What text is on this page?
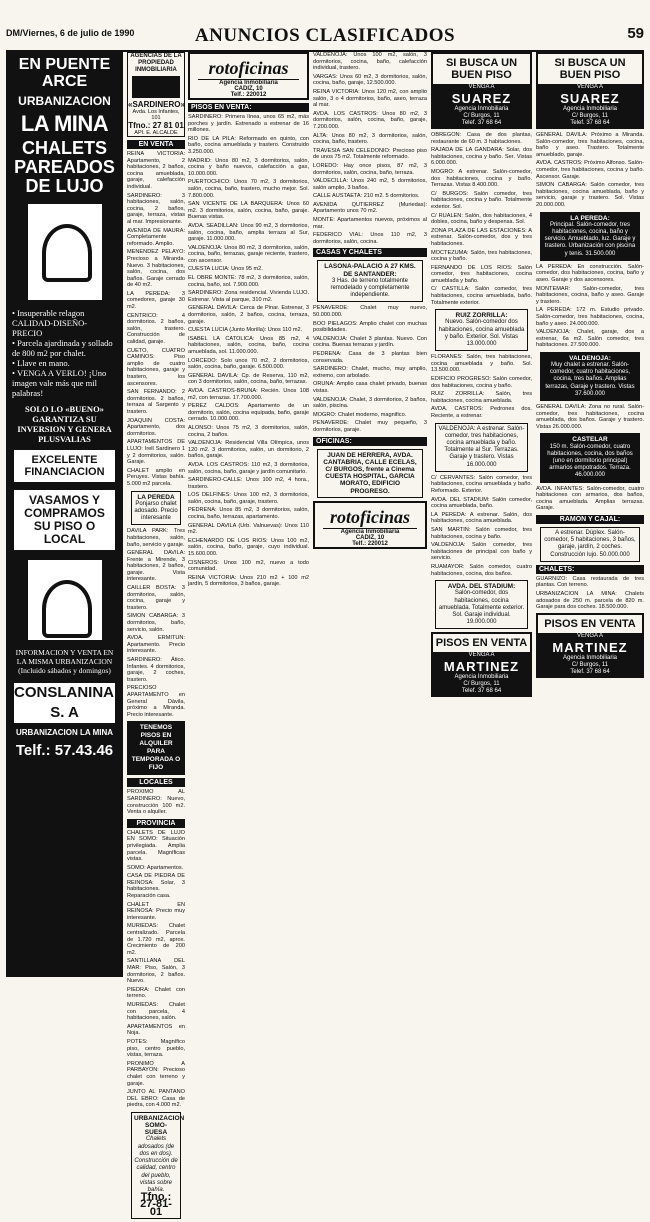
DM/Viernes, 6 de julio de 1990	ANUNCIOS CLASIFICADOS	59
EN PUENTE ARCE
URBANIZACION
LA MINA
CHALETS PAREADOS DE LUJO
• Insuperable relagon CALIDAD-DISEÑO-PRECIO
• Parcela ajardinada y sollado de 800 m2 por chalet.
• Llave en mano.
• VENGA A VERLO! ¡Uno imagen vale más que mil palabras!
SOLO LO «BUENO» GARANTIZA SU INVERSION Y GENERA PLUSVALIAS
EXCELENTE FINANCIACION
VASAMOS Y COMPRAMOS SU PISO O LOCAL
INFORMACION Y VENTA EN LA MISMA URBANIZACION (Incluido sábados y domingos)
CONSLANINA, S. A
URBANIZACION LA MINA
Telf.: 57.43.46
AGENCIAS DE LA PROPIEDAD INMOBILIARIA
«SARDINERO»
Avda. Los Infantes, 101
Tfno.: 27 81 01
API. E. ALCALDE
EN VENTA

REINA VICTORIA: Apartamento, 2 habitaciones, 2 baños, cocina amueblada, garaje, calefacción individual.

SARDINERO: 3 habitaciones, salón, cocina, 2 baños, garaje, terraza, vistas al mar. Impresionante.

AVENIDA DE MAURA: Completamente reformado. Amplio.

MENENDEZ PELAYO: Precioso a Miranda. Nuevo. 3 habitaciones, salón, cocina, dos baños. Garaje cerrado de 40 m2.

LA PEREDA: 3 comedores, garaje 30 m2.

CENTRICO: 4 dormitorios. 2 baños, salón, trastero. Construcción de calidad, garaje.

CUETO, CUATRO CAMINOS: Piso amplio de cuatro habitaciones, garaje y trastero, los ascensores.

SAN FERNANDO: 2 dormitorios. 2 baños, terraza al Sargento y trastero.

JOAQUIN COSTA: Apartamento, dos dormitorios.

APARTAMENTOS DE LUJO: Irell Sardinero 1 y 2 dormitorios, salón. Garaje.

CHALET amplio en Peruyes. Vistas bahía. 5.000 m2 parcela.

LA PEREDA
Ponjarso chalet adosado. Precio interesante

DAVILA PARK: Tres habitaciones, salón, baño, servicio y garaje.

GENERAL DAVILA: Frente a Mirende, 3 habitaciones, 2 baños, garaje. Vista interesante.

CAILLER BOSTA: 3 dormitorios, salón, cocina, garaje y trastero.

SIMON CABARGA: 3 dormitorios, baño, servicio, salón.

AVDA. ERMITUN: Apartamento. Precio interesante.

SARDINERO: Ático. Infantes. 4 dormitorios, garaje, 2 coches, trastero.

PRECIOSO APARTAMENTO en General Dávila, próximo a Miranda. Precio interesante.

TENEMOS PISOS EN ALQUILER PARA TEMPORADA O FIJO
LOCALES

PROXIMO AL SARDINERO: Nuevo, construcción 100 m2. Venta o alquiler.

PROVINCIA

CHALETS DE LUJO EN SOMO: Situación privilegiada. Amplia parcela. Magníficas vistas.

SOMO: Apartamentos.

CASA DE PIEDRA DE REINOSA: Solar, 3 habitaciones. Reparación casa.

CHALET EN REINOSA: Precio muy interesante.

MURIEDAS: Chalet centralizado. Parcela de 1.720 m2, aprox. Crecimiento de 200 m2.

SANTILLANA DEL MAR: Piso, Salón, 3 dormitorios, 2 baños. Nuevo.

PIEDRA: Chalet con terreno.

MURIEDAS: Chalet con parcela, 4 habitaciones, salón.

APARTAMENTOS en Noja.

POTES: Magnífico piso, centro pueblo, vistas, terraza.

PRONIMO A PARBAYON: Precioso chalet con terreno y garaje.

JUNTO AL PANTANO DEL EBRO: Casa de piedra, con 4.000 m2.

URBANIZACION SOMO-SUESA
Chalets adosados (de dos en dos). Construcción de calidad, centro del pueblo, vistas sobre bahía.
Tfno.: 27-81-01
rotoficinas
Agencia Inmobiliaria
CADIZ, 10
Telf.: 220012
PISOS EN VENTA:

SARDINERO: Primera línea, unos 65 m2, más porches y jardín. Estrenado a estrenar de 16 millones.

RIO DE LA PILA: Reformado en quinto, con baño, cocina amueblada y trastero. Construido 3.250.000.

MADRID: Unos 80 m2, 3 dormitorios, salón, cocina y baño nuevos, calefacción a gas, 10.000.000.

PUERTOCHICO: Unos 70 m2, 3 dormitorios, salón, cocina, baño, trastero, mucho mejor. Sol. 7.800.000.

SAN VICENTE DE LA BARQUERA: Unos 60 m2. 3 dormitorios, salón, cocina, baño, garaje. Buenas vistas.

AVDA. SEADILLAN: Unos 90 m2, 3 dormitorios, salón, cocina, baño, amplia terraza al Sur, garaje. 11.000.000.

VALDENOJA: Unos 80 m2, 3 dormitorios, salón, cocina, baño, terrazas, garaje reciente, trastero, con ascensor.

CUESTA LUCIA: Unos 95 m2.

EL OBRE MONTE: 78 m2, 3 dormitorios, salón, cocina, baño, sol. 7.900.000.

SARDINERO: Zona residencial. Vivienda LUJO. Estrenar. Vista al parque, 310 m2.

GENERAL DAVILA: Cerca de Pinar. Estrenar, 3 dormitorios, salón, 2 baños, cocina, terraza, garaje.

CUESTA LUCIA (Junto Morilla): Unos 110 m2.

ISABEL LA CATOLICA: Unos 85 m2, 4 habitaciones, salón, cocina, baño, cocina amueblada, sol. 11.000.000.

LORCEDO: Solo unos 70 m2, 2 dormitorios, salón, cocina, baño, garaje. 6.500.000.

GENERAL DAVILA: Cp. de Reserva, 110 m2, con 3 dormitorios, salón, cocina, baño, terrazas.

AVDA. CASTROS-BRUNA: Recién. Unos 108 m2, con terrazas. 17.700.000.

PEREZ CALDOS: Apartamento de un dormitorio, salón, cocina equipada, baño, garaje cerrado. 10.000.000.

ALONSO: Unos 75 m2, 3 dormitorios, salón, cocina, 2 baños.

VALDENOJA: Residencial Villa Olímpica, unos 120 m2. 3 dormitorios, salón, un dormitorio, 2 baños, garaje.

AVDA. LOS CASTROS: 110 m2, 3 dormitorios, salón, cocina, baño, garaje y jardín comunitario.

SARDINERO-CALLE: Unos 100 m2, 4 hora., trastero.

LOS DELFINES: Unos 100 m2, 3 dormitorios, salón, cocina, baño, garaje, trastero.

PEDRENA: Unos 85 m2, 3 dormitorios, salón, cocina, baño, terrazas, apartamento.

GENERAL DAVILA (Urb. Valnuevas): Unos 110 m2.

ECHENARDO DE LOS RIOS: Unos 100 m2, salón, cocina, baño, garaje, cuyo individual. 15.600.000.

CISNEROS: Unos 100 m2, nuevo a todo comunidad.

REINA VICTORIA: Unos 210 m2 + 100 m2 jardín, 5 dormitorios, 3 baños, garaje.

VALDENOJA: Unos 100 m2, salón, 3 dormitorios, cocina, baño, calefacción individual, trastero.

VARGAS: Unos 60 m2, 3 dormitorios, salón, cocina, baño, garaje, 12.500.000.

REINA VICTORIA: Unos 120 m2, con amplio salón, 3 o 4 dormitorios, baño, aseo, terraza al mar.

AVDA. LOS CASTROS: Unos 80 m2, 3 dormitorios, salón, cocina, baño, garaje, 7.200.000.

ALTA: Unos 80 m2, 3 dormitorios, salón, cocina, baño, trastero.

TRAVESIA SAN CELEDONIO: Precioso piso de unos 75 m2. Totalmente reformado.

LOREDO: Hay once pisos, 87 m2, 3 dormitorios, salón, cocina, baño, terraza.

VALDECILLA: Unos 240 m2, 5 dormitorios, salón amplio, 3 baños.

CALLE AUSTAETA: 210 m2. 5 dormitorios.

AVENIDA QUTIERREZ (Muriedas): Apartamento unos 70 m2.

MONTE: Apartamentos nuevos, próximos al mar.

FEDERICO VIAL: Unos 110 m2, 3 dormitorios, salón, cocina.

CASAS Y CHALETS
LASONA-PALACIO A 27 KMS. DE SANTANDER:
3 Has. de terreno totalmente remodelado y completamente independiente.

PENAVERDE: Chalet muy nuevo, 50.000.000.

BOO PIELAGOS: Amplio chalet con muchas posibilidades.

VALDENOJA: Chalet 3 plantas. Nuevo. Con cocina. Buenas terrazas y jardín.

PEDRENA: Casa de 3 plantas bien conservada.

SARDINERO: Chalet, mucho, muy amplio, extremo, con arbolado.

ORUNA: Amplio casa chalet privado, buenas vistas.

VALDENOJA: Chalet, 3 dormitorios, 2 baños, salón, piscina.

MOGRO: Chalet moderno, magnifico.

PENAVERDE: Chalet muy pequeño, 3 dormitorios, garaje.

OFICINAS:
JUAN DE HERRERA, AVDA. CANTABRIA, CALLE ECELAS, C/ BURGOS, frente a Cinema CUESTA HOSPITAL, GARCIA MORATO, EDIFICIO PROGRESO.
rotoficinas
Agencia Inmobiliaria
CADIZ, 10
Telf.: 220012
SI BUSCA UN BUEN PISO
VENGA A
SUAREZ
Agencia Inmobiliaria
C/ Burgos, 11
Telef. 37 68 64

OBREGON: Casa de dos plantas, restaurante de 60 m. 3 habitaciones.

RAJADA DE LA GANDARA: Solar, dos habitaciones, cocina y baño. Ser. Vistas 6.000.000.

MOGRO: A estrenar. Salón-comedor, dos habitaciones, cocina y baño. Terrazas. Vistas 8.400.000.

C/ BURGOS: Salón comedor, tres habitaciones, cocina y baño. Totalmente exterior. Sol.

C/ RUALEN: Salón, dos habitaciones, 4 dobles, cocina, baño y despensa. Sol.

ZONA PLAZA DE LAS ESTACIONES: A estrenar. Salón-comedor, dos y tres habitaciones.

MOCTEZUMA: Salón, tres habitaciones, cocina y baño.

FERNANDO DE LOS RIOS: Salón comedor, tres habitaciones, cocina amueblada y baño.

C/ CASTILLA: Salón comedor, tres habitaciones, cocina amueblada, baño. Totalmente exterior.

RUIZ ZORRILLA:
Nuevo. Salón-comedor dos habitaciones, cocina amueblada y baño. Exterior. Sol. Vistas 13.000.000

FLORANES: Salón, tres habitaciones, cocina amueblada y baño. Sol. 13.500.000.

EDIFICIO PROGRESO: Salón comedor, dos habitaciones, cocina y baño.

RUIZ ZORRILLA: Salón, tres habitaciones, cocina amueblada.

AVDA. CASTROS: Pedrones dos. Reciente, a estrenar.

VALDENOJA: A estrenar. Salón-comedor, tres habitaciones, cocina amueblada y baño. Totalmente al Sur. Terrazas. Garaje y trastero. Vistas 16.000.000

C/ CERVANTES: Salón comedor, tres habitaciones, cocina amueblada y baño. Reformado. Exterior.

AVDA. DEL STADIUM: Salón comedor, cocina amueblada, baño.

LA PEREDA: A estrenar. Salón, dos habitaciones, cocina amueblada.

SAN MARTIN: Salón comedor, tres habitaciones, cocina y baño.

VALDENOJA: Salón comedor, tres habitaciones de principal con baño y servicio.

RUAMAYOR: Salón comedor, cuatro habitaciones, cocina, dos baños.

AVDA. DEL STADIUM:
Salón-comedor, dos habitaciones, cocina amueblada. Totalmente exterior. Sol. Garaje individual. 19.000.000
PISOS EN VENTA
VENGA A
MARTINEZ
Agencia Inmobiliaria
C/ Burgos, 11
Telef. 37 68 64
SI BUSCA UN BUEN PISO
VENGA A
SUAREZ
Agencia Inmobiliaria
C/ Burgos, 11
Telef. 37 68 64

GENERAL DAVILA: Próximo a Miranda. Salón-comedor, tres habitaciones, cocina, baño y aseo. Trastero. Totalmente amueblado, garaje.

AVDA. CASTROS: Próximo Alfonso. Salón-comedor, tres habitaciones, cocina y baño. Ascensor. Garaje.

SIMON CABARGA: Salón comedor, tres habitaciones, cocina amueblada, baño y servicio, garaje y trastero. Sol. Vistas 20.000.000.

LA PEREDA:
Principal. Salón-comedor, tres habitaciones, cocina, baño y servicio. Amueblado, luz. Garaje y trastero. Urbanización con piscina y tenis. 31.500.000

LA PEREDA: En construcción. Salón-comedor, dos habitaciones, cocina, baño y aseo. Garaje y dos ascensores.

MONTEMAR: Salón-comedor, tres habitaciones, cocina, baño y aseo. Garaje y trastero.

LA PEREDA: 172 m. Estudio privado. Salón-comedor, tres habitaciones, cocina, baño y aseo. 24.000.000.

VALDENOJA: Chalet, garaje, dos a estrenar, 6a m2. Salón comedor, tres habitaciones. 27.500.000.

VALDENOJA:
Muy chalet a estrenar. Salón-comedor, cuatro habitaciones, cocina, tres baños. Amplias terrazas, Garaje y trastero. Vistas 37.600.000

GENERAL DAVILA: Zona no rural. Salón-comedor, tres habitaciones, cocina amueblada, dos baños. Garaje y trastero. Vistas 26.000.000.

CASTELAR
150 m. Salón-comedor, cuatro habitaciones, cocina, dos baños (uno en dormitorio principal) armarios empotrados. Terraza. 46.000.000

AVDA. INFANTES: Salón-comedor, cuatro habitaciones con armarios, dos baños, cocina amueblada. Amplias terrazas. Garaje.

RAMON Y CAJAL:
A estrenar. Dúplex. Salón-comedor, 5 habitaciones, 3 baños, garaje, jardín, 2 coches. Construcción lujo. 50.000.000
CHALETS:

GUARNIZO: Casa restaurada de tres plantas. Con terreno.

URBANIZACION LA MINA: Chalets adosados de 250 m. parcela de 820 m. Garaje para dos coches. 18.500.000.

PISOS EN VENTA
VENGA A
MARTINEZ
Agencia Inmobiliaria
C/ Burgos, 11
Telef. 37 68 64
